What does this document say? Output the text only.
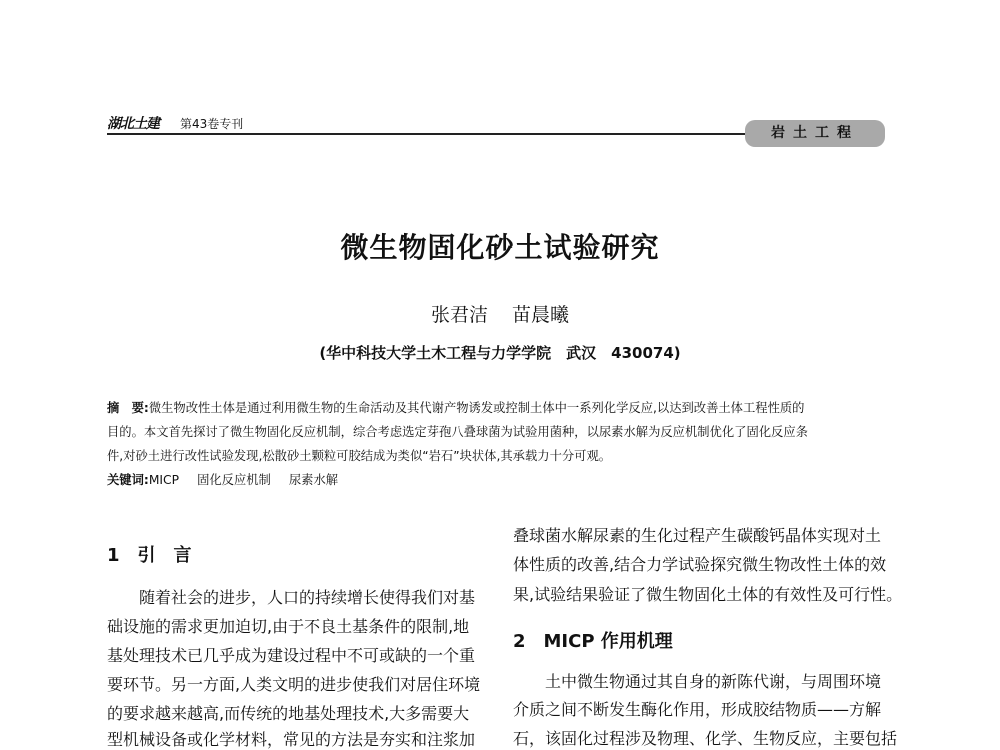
湖北土建 第43卷专刊
岩土工程
微生物固化砂土试验研究
张君洁 苗晨曦
(华中科技大学土木工程与力学学院　武汉　430074)
摘　要:微生物改性土体是通过利用微生物的生命活动及其代谢产物诱发或控制土体中一系列化学反应,以达到改善土体工程性质的
目的。本文首先探讨了微生物固化反应机制，综合考虑选定芽孢八叠球菌为试验用菌种，以尿素水解为反应机制优化了固化反应条
件,对砂土进行改性试验发现,松散砂土颗粒可胶结成为类似“岩石”块状体,其承载力十分可观。
关键词:MICP 固化反应机制 尿素水解
1　引　言
　　随着社会的进步，人口的持续增长使得我们对基
础设施的需求更加迫切,由于不良土基条件的限制,地
基处理技术已几乎成为建设过程中不可或缺的一个重
要环节。另一方面,人类文明的进步使我们对居住环境
的要求越来越高,而传统的地基处理技术,大多需要大
型机械设备或化学材料，常见的方法是夯实和注浆加
叠球菌水解尿素的生化过程产生碳酸钙晶体实现对土
体性质的改善,结合力学试验探究微生物改性土体的效
果,试验结果验证了微生物固化土体的有效性及可行性。
2　MICP 作用机理
　　土中微生物通过其自身的新陈代谢，与周围环境
介质之间不断发生酶化作用，形成胶结物质——方解
石，该固化过程涉及物理、化学、生物反应，主要包括
